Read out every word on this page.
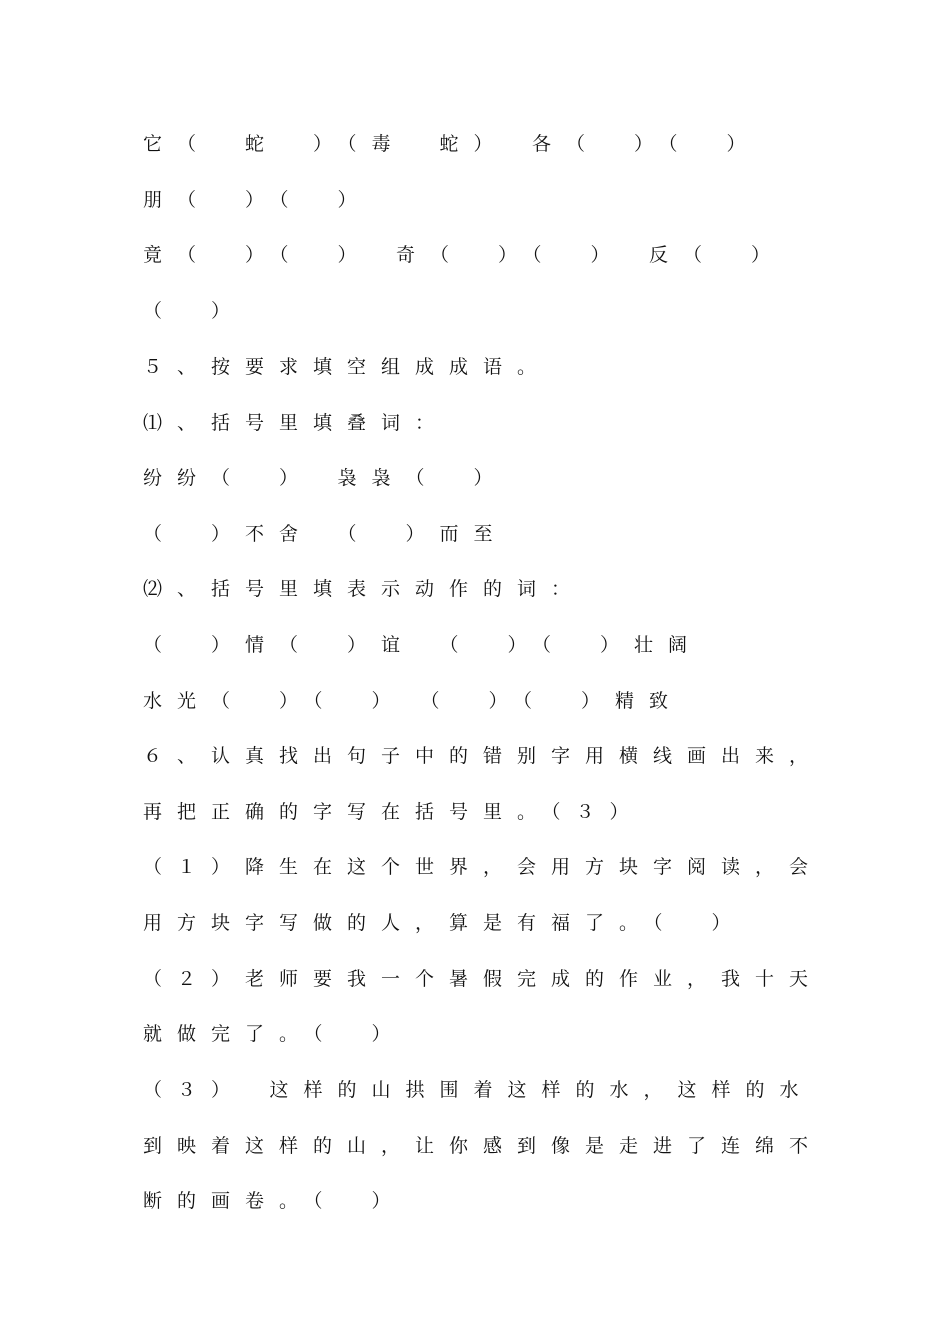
它（　蛇　）（毒　蛇）　各（　）（　）
朋（　）（　）
竟（　）（　）　奇（　）（　）　反（　）
（　）
５、按要求填空组成成语。
⑴、括号里填叠词：
纷纷（　）　袅袅（　）
（　）不舍　（　）而至
⑵、括号里填表示动作的词：
（　）情（　）谊　（　）（　）壮阔
水光（　）（　）　（　）（　）精致
６、认真找出句子中的错别字用横线画出来，
再把正确的字写在括号里。（３）
（１）降生在这个世界，会用方块字阅读，会
用方块字写做的人，算是有福了。（　）
（２）老师要我一个暑假完成的作业，我十天
就做完了。（　）
（３）　这样的山拱围着这样的水，这样的水
到映着这样的山，让你感到像是走进了连绵不
断的画卷。（　）
